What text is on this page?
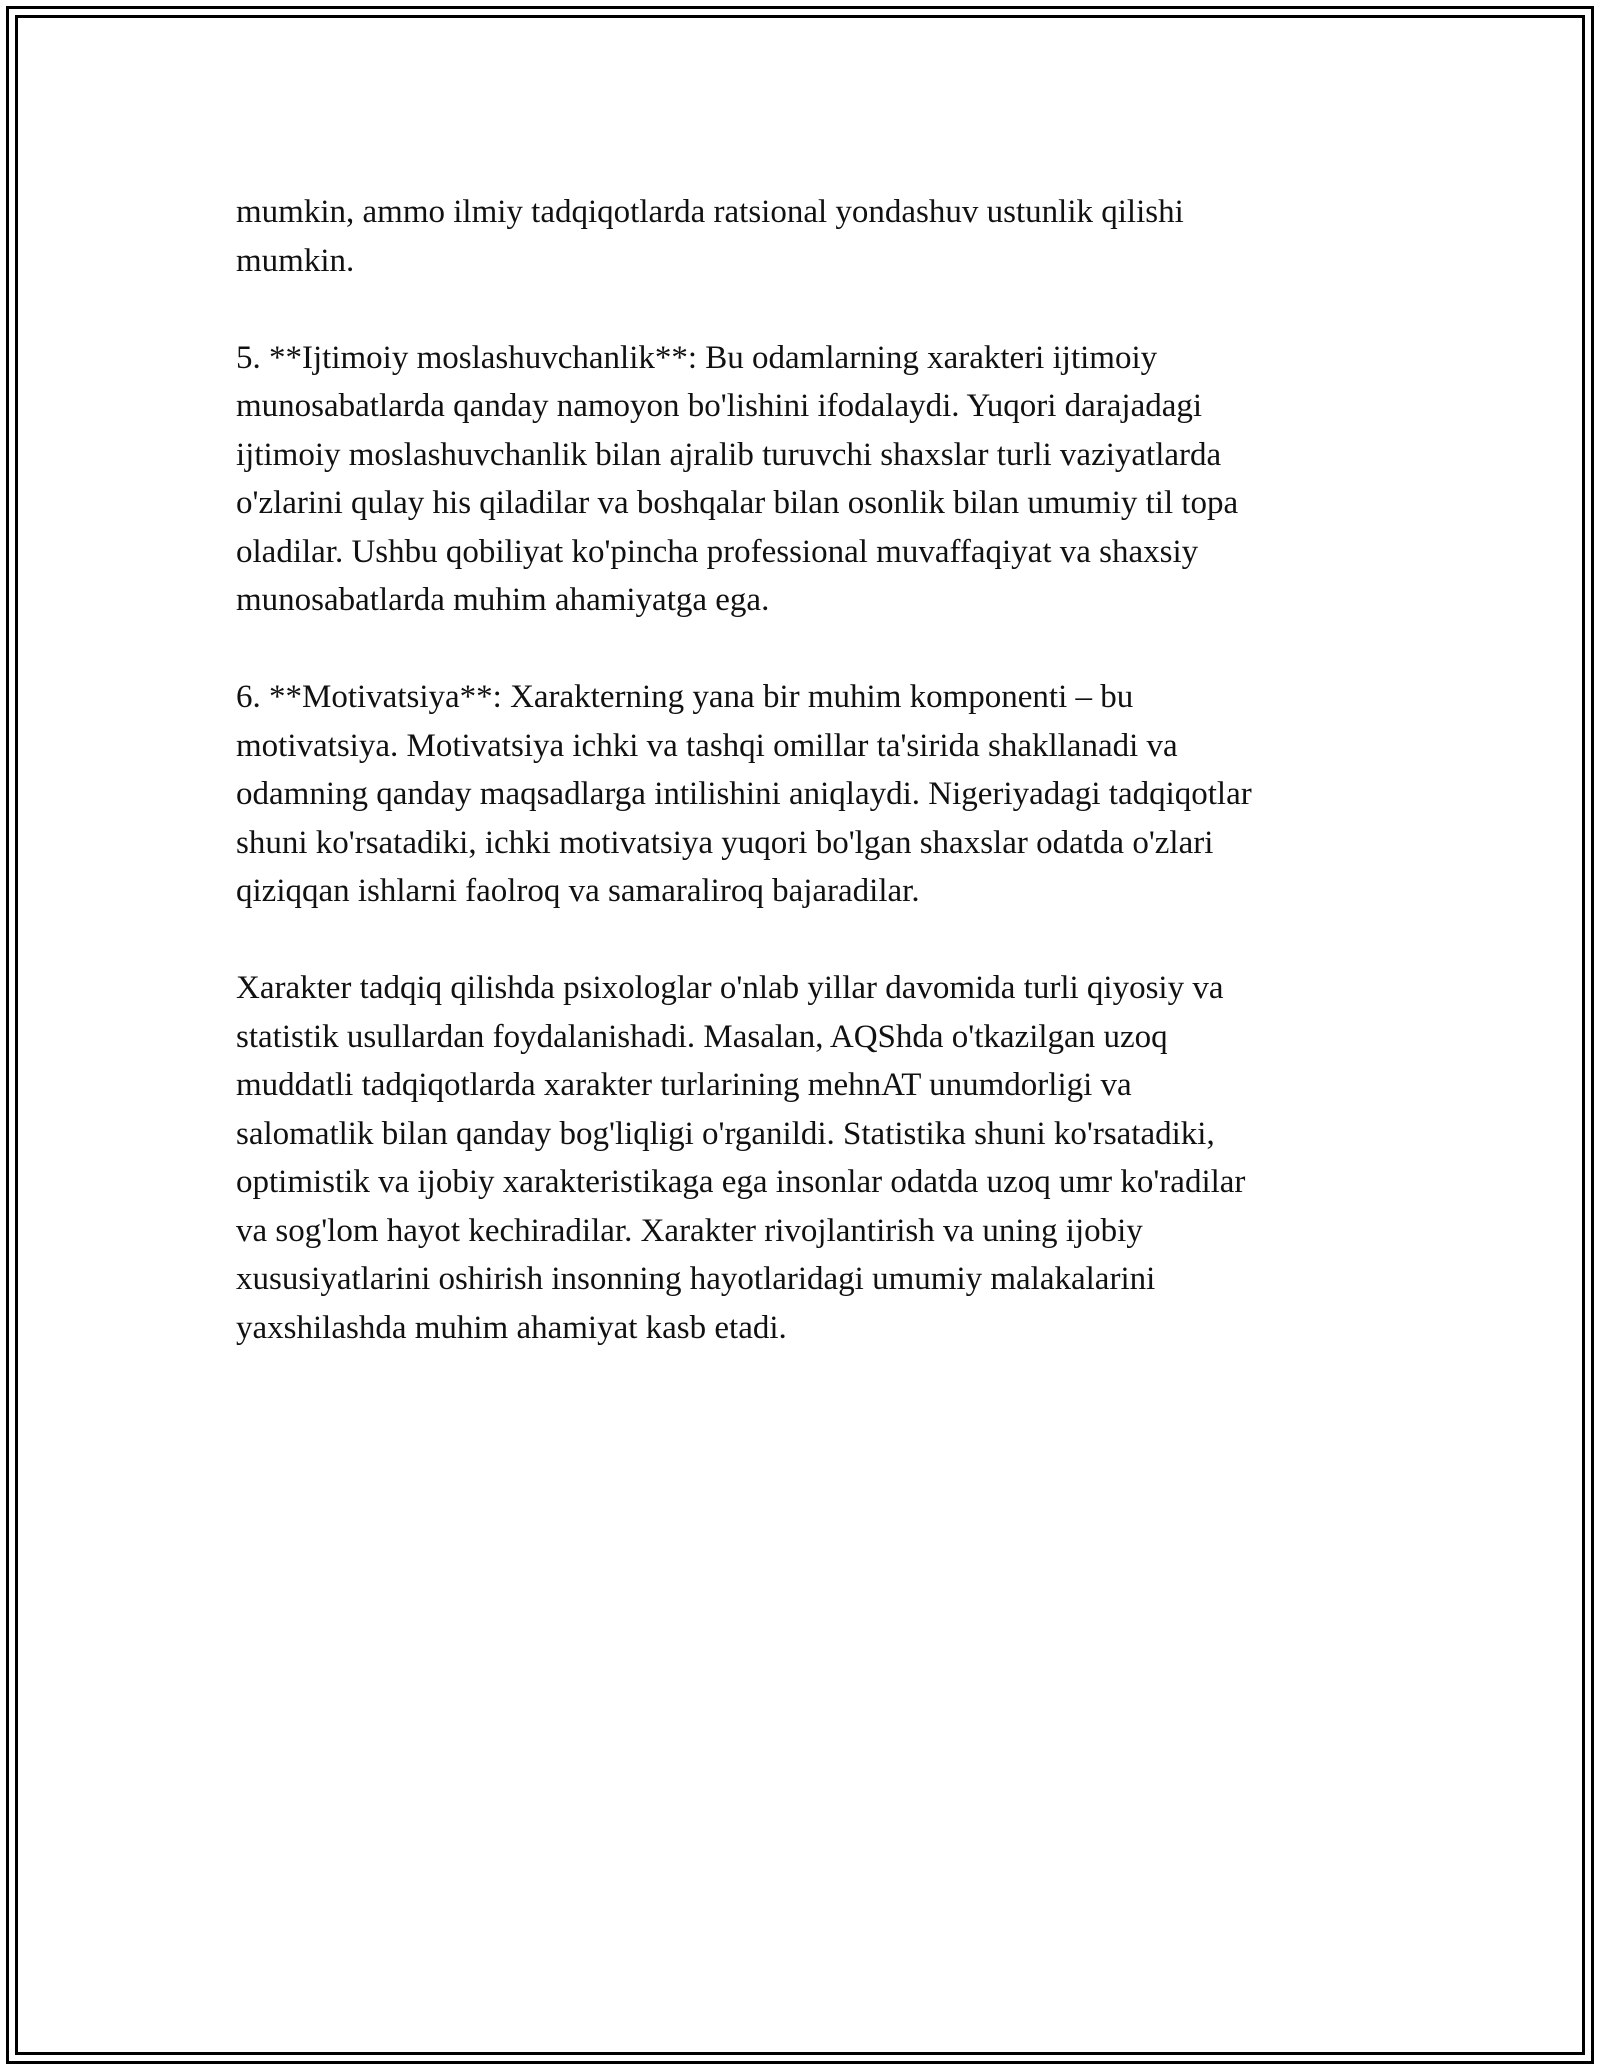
mumkin, ammo ilmiy tadqiqotlarda ratsional yondashuv ustunlik qilishi
mumkin.

5. **Ijtimoiy moslashuvchanlik**: Bu odamlarning xarakteri ijtimoiy
munosabatlarda qanday namoyon bo'lishini ifodalaydi. Yuqori darajadagi
ijtimoiy moslashuvchanlik bilan ajralib turuvchi shaxslar turli vaziyatlarda
o'zlarini qulay his qiladilar va boshqalar bilan osonlik bilan umumiy til topa
oladilar. Ushbu qobiliyat ko'pincha professional muvaffaqiyat va shaxsiy
munosabatlarda muhim ahamiyatga ega.

6. **Motivatsiya**: Xarakterning yana bir muhim komponenti – bu
motivatsiya. Motivatsiya ichki va tashqi omillar ta'sirida shakllanadi va
odamning qanday maqsadlarga intilishini aniqlaydi. Nigeriyadagi tadqiqotlar
shuni ko'rsatadiki, ichki motivatsiya yuqori bo'lgan shaxslar odatda o'zlari
qiziqqan ishlarni faolroq va samaraliroq bajaradilar.

Xarakter tadqiq qilishda psixologlar o'nlab yillar davomida turli qiyosiy va
statistik usullardan foydalanishadi. Masalan, AQShda o'tkazilgan uzoq
muddatli tadqiqotlarda xarakter turlarining mehnAT unumdorligi va
salomatlik bilan qanday bog'liqligi o'rganildi. Statistika shuni ko'rsatadiki,
optimistik va ijobiy xarakteristikaga ega insonlar odatda uzoq umr ko'radilar
va sog'lom hayot kechiradilar. Xarakter rivojlantirish va uning ijobiy
xususiyatlarini oshirish insonning hayotlaridagi umumiy malakalarini
yaxshilashda muhim ahamiyat kasb etadi.
